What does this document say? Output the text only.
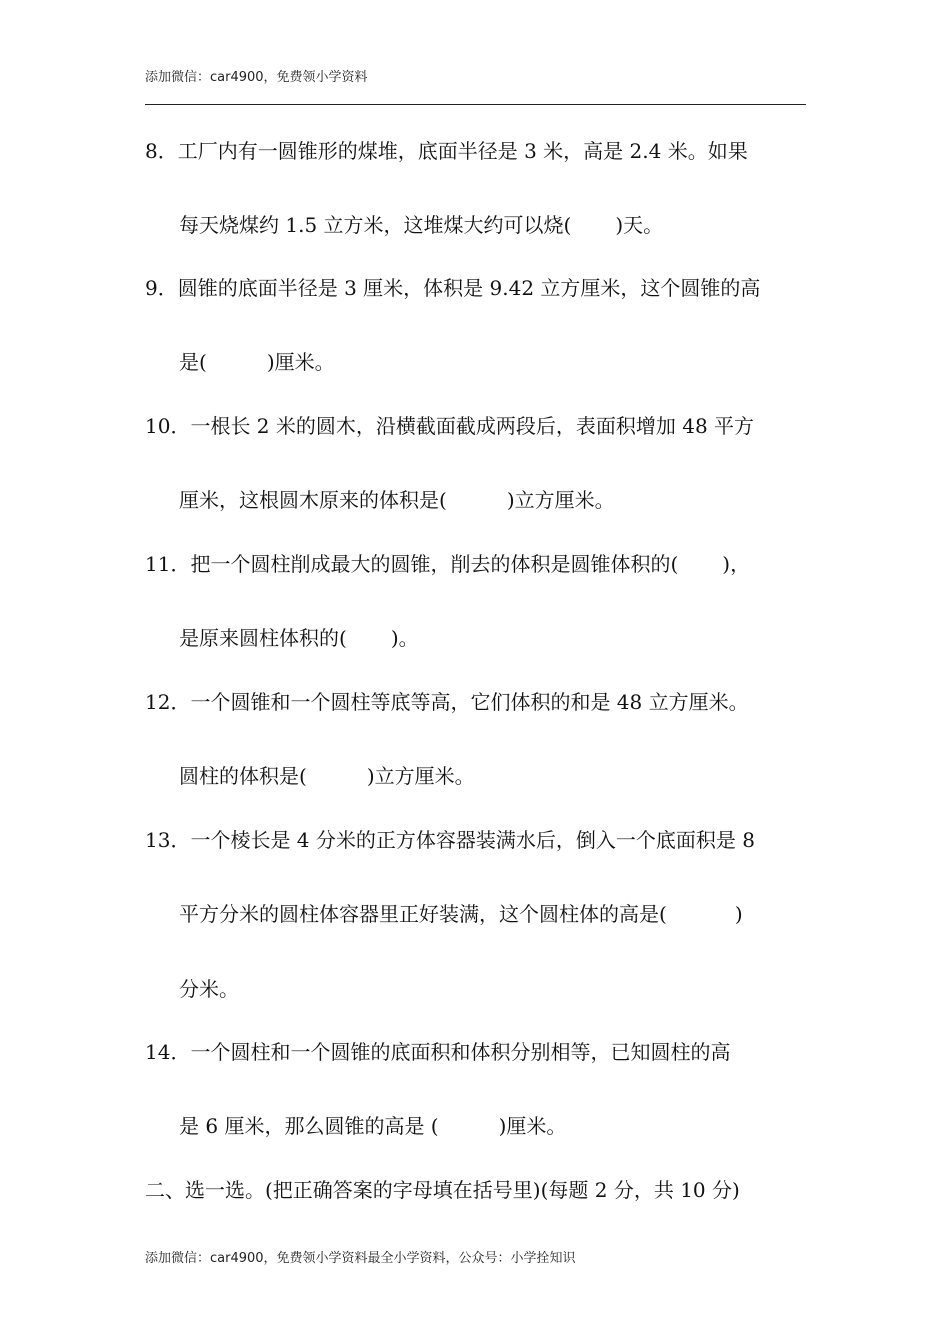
添加微信：car4900，免费领小学资料
8．工厂内有一圆锥形的煤堆，底面半径是 3 米，高是 2.4 米。如果
每天烧煤约 1.5 立方米，这堆煤大约可以烧( )天。
9．圆锥的底面半径是 3 厘米，体积是 9.42 立方厘米，这个圆锥的高
是(	)厘米。
10．一根长 2 米的圆木，沿横截面截成两段后，表面积增加 48 平方
厘米，这根圆木原来的体积是(	)立方厘米。
11．把一个圆柱削成最大的圆锥，削去的体积是圆锥体积的( )，
是原来圆柱体积的( )。
12．一个圆锥和一个圆柱等底等高，它们体积的和是 48 立方厘米。
圆柱的体积是(	)立方厘米。
13．一个棱长是 4 分米的正方体容器装满水后，倒入一个底面积是 8
平方分米的圆柱体容器里正好装满，这个圆柱体的高是(	)
分米。
14．一个圆柱和一个圆锥的底面积和体积分别相等，已知圆柱的高
是 6 厘米，那么圆锥的高是 (	)厘米。
二、选一选。(把正确答案的字母填在括号里)(每题 2 分，共 10 分)
添加微信：car4900，免费领小学资料最全小学资料，公众号：小学拴知识
